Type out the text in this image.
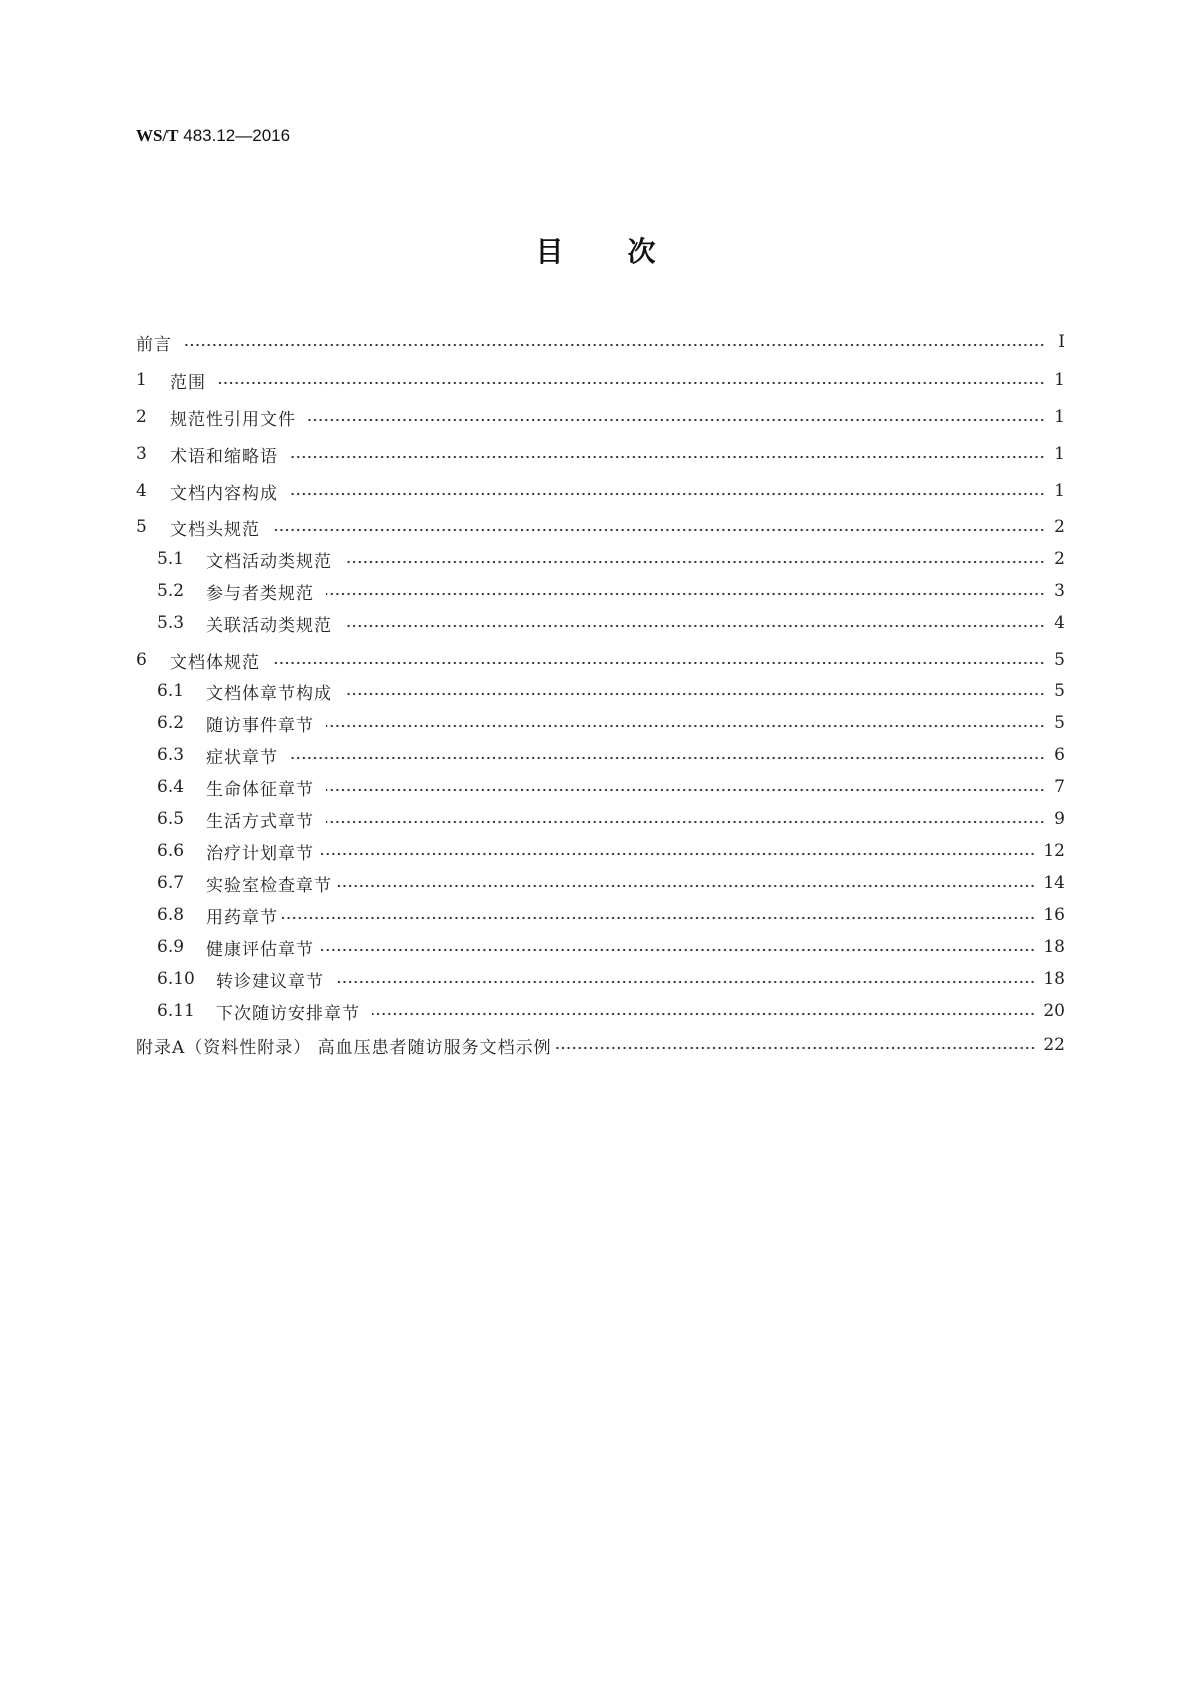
WS/T 483.12—2016
目 次
前言	Ⅰ
1	范围	1
2	规范性引用文件	1
3	术语和缩略语	1
4	文档内容构成	1
5	文档头规范	2
5.1	文档活动类规范	2
5.2	参与者类规范	3
5.3	关联活动类规范	4
6	文档体规范	5
6.1	文档体章节构成	5
6.2	随访事件章节	5
6.3	症状章节	6
6.4	生命体征章节	7
6.5	生活方式章节	9
6.6	治疗计划章节	12
6.7	实验室检查章节	14
6.8	用药章节	16
6.9	健康评估章节	18
6.10	转诊建议章节	18
6.11	下次随访安排章节	20
附录A（资料性附录） 高血压患者随访服务文档示例	22
